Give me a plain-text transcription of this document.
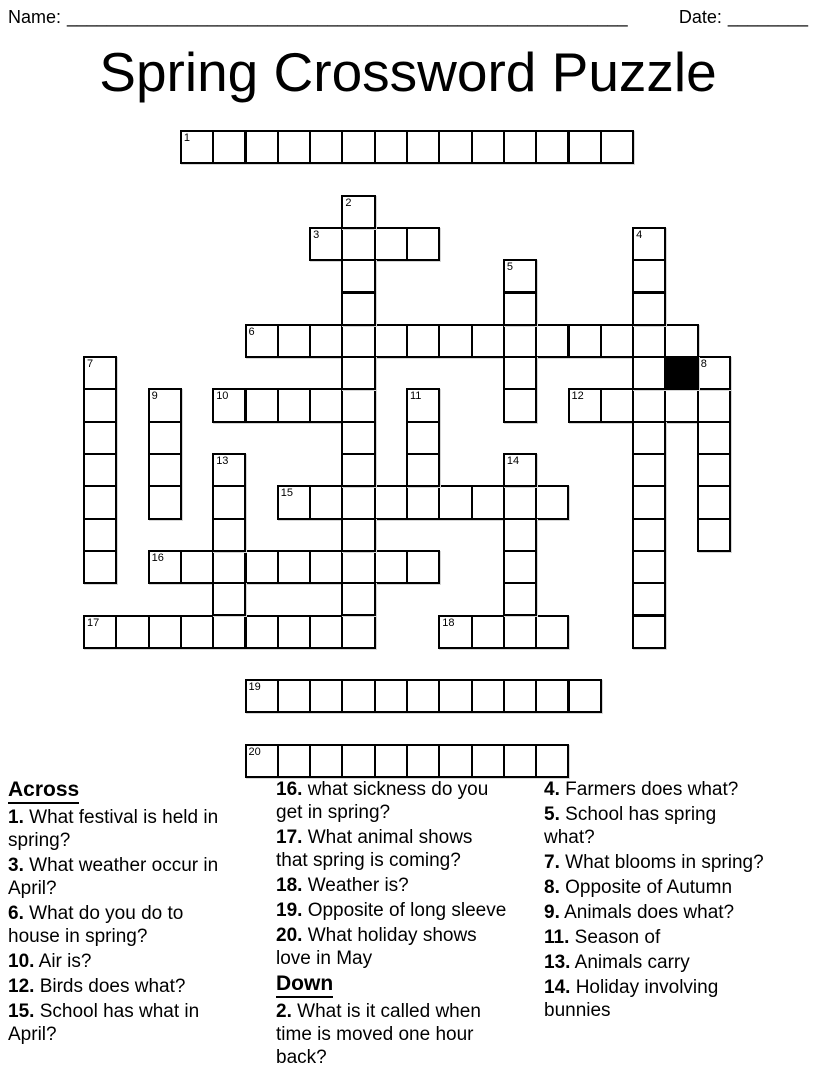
Name: ________________________________________________________	Date: ________
Spring Crossword Puzzle
1
3
6
10	12
15
16
17	18
19
20
2
4
5
7	8
9	11
13	14
Across
1. What festival is held in
spring?
3. What weather occur in
April?
6. What do you do to
house in spring?
10. Air is?
12. Birds does what?
15. School has what in
April?
16. what sickness do you
get in spring?
17. What animal shows
that spring is coming?
18. Weather is?
19. Opposite of long sleeve
20. What holiday shows
love in May
Down
2. What is it called when
time is moved one hour
back?
4. Farmers does what?
5. School has spring
what?
7. What blooms in spring?
8. Opposite of Autumn
9. Animals does what?
11. Season of
13. Animals carry
14. Holiday involving
bunnies
